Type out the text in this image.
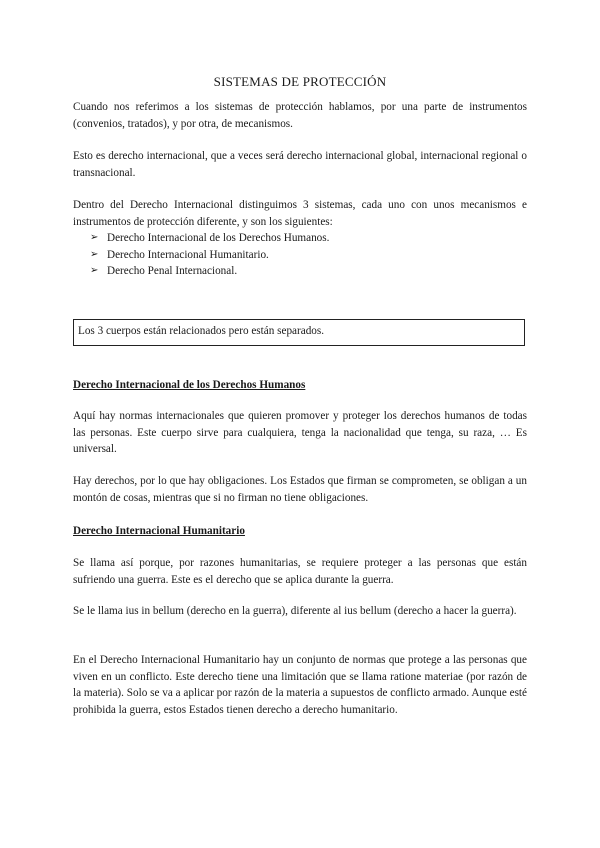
SISTEMAS DE PROTECCIÓN

Cuando nos referimos a los sistemas de protección hablamos, por una parte de instrumentos (convenios, tratados), y por otra, de mecanismos.

Esto es derecho internacional, que a veces será derecho internacional global, internacional regional o transnacional.

Dentro del Derecho Internacional distinguimos 3 sistemas, cada uno con unos mecanismos e instrumentos de protección diferente, y son los siguientes:

➢ Derecho Internacional de los Derechos Humanos.
➢ Derecho Internacional Humanitario.
➢ Derecho Penal Internacional.
Los 3 cuerpos están relacionados pero están separados.
Derecho Internacional de los Derechos Humanos

Aquí hay normas internacionales que quieren promover y proteger los derechos humanos de todas las personas. Este cuerpo sirve para cualquiera, tenga la nacionalidad que tenga, su raza, … Es universal.

Hay derechos, por lo que hay obligaciones. Los Estados que firman se comprometen, se obligan a un montón de cosas, mientras que si no firman no tiene obligaciones.

Derecho Internacional Humanitario

Se llama así porque, por razones humanitarias, se requiere proteger a las personas que están sufriendo una guerra. Este es el derecho que se aplica durante la guerra.

Se le llama ius in bellum (derecho en la guerra), diferente al ius bellum (derecho a hacer la guerra).

En el Derecho Internacional Humanitario hay un conjunto de normas que protege a las personas que viven en un conflicto. Este derecho tiene una limitación que se llama ratione materiae (por razón de la materia). Solo se va a aplicar por razón de la materia a supuestos de conflicto armado. Aunque esté prohibida la guerra, estos Estados tienen derecho a derecho humanitario.
